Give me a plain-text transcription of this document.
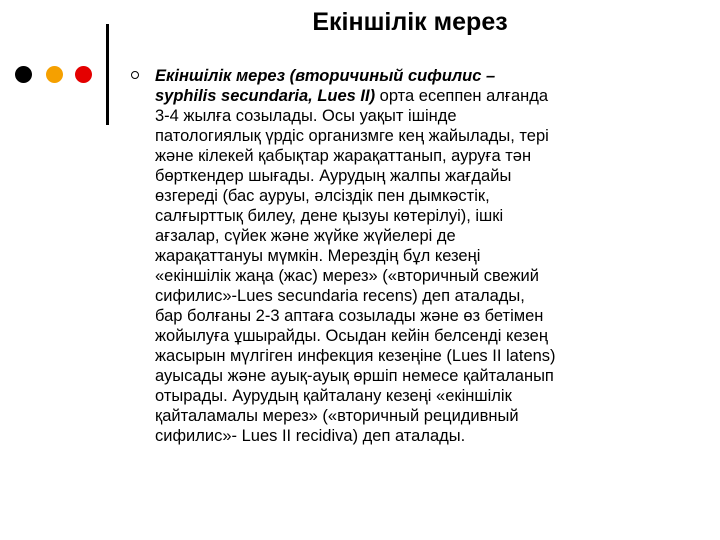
Екіншілік мерез

Екіншілік мерез (вторичиный сифилис –
syphilis secundaria, Lues II) орта есеппен алғанда
3-4 жылға созылады. Осы уақыт ішінде
патологиялық үрдіс организмге кең жайылады, тері
және кілекей қабықтар жарақаттанып, ауруға тән
бөрткендер шығады. Аурудың жалпы жағдайы
өзгереді (бас ауруы, әлсіздік пен дымкәстік,
салғырттық билеу, дене қызуы көтерілуі), ішкі
ағзалар, сүйек және жүйке жүйелері де
жарақаттануы мүмкін. Мерездің бұл кезеңі
«екіншілік жаңа (жас) мерез» («вторичный свежий
сифилис»-Lues secundaria recens) деп аталады,
бар болғаны 2-3 аптаға созылады және өз бетімен
жойылуға ұшырайды. Осыдан кейін белсенді кезең
жасырын мүлгіген инфекция кезеңіне (Lues II latens)
ауысады және ауық-ауық өршіп немесе қайталанып
отырады. Аурудың қайталану кезеңі «екіншілік
қайталамалы мерез» («вторичный рецидивный
сифилис»- Lues II recidiva) деп аталады.
